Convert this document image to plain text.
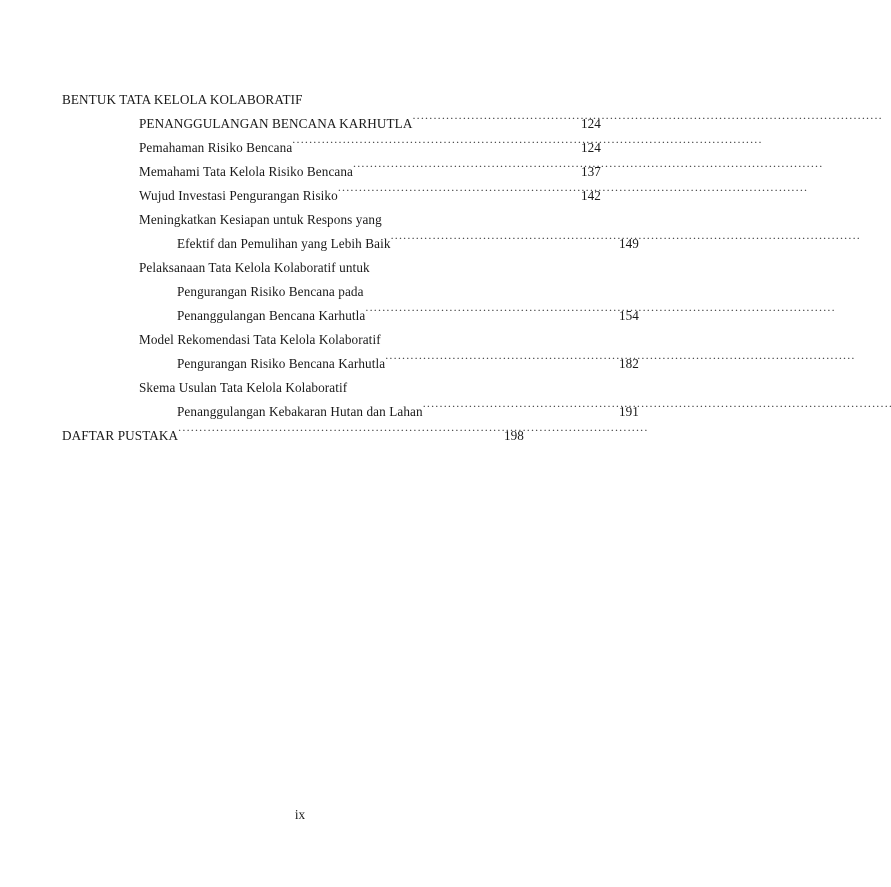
BENTUK TATA KELOLA KOLABORATIF
PENANGGULANGAN BENCANA KARHUTLA . . .	124
Pemahaman Risiko Bencana . . .	124
Memahami Tata Kelola Risiko Bencana . . .	137
Wujud Investasi Pengurangan Risiko . . .	142
Meningkatkan Kesiapan untuk Respons yang
Efektif dan Pemulihan yang Lebih Baik . . .	149
Pelaksanaan Tata Kelola Kolaboratif untuk
Pengurangan Risiko Bencana pada
Penanggulangan Bencana Karhutla . . .	154
Model Rekomendasi Tata Kelola Kolaboratif
Pengurangan Risiko Bencana Karhutla . . .	182
Skema Usulan Tata Kelola Kolaboratif
Penanggulangan Kebakaran Hutan dan Lahan . . .	191
DAFTAR PUSTAKA . . .	198
ix
